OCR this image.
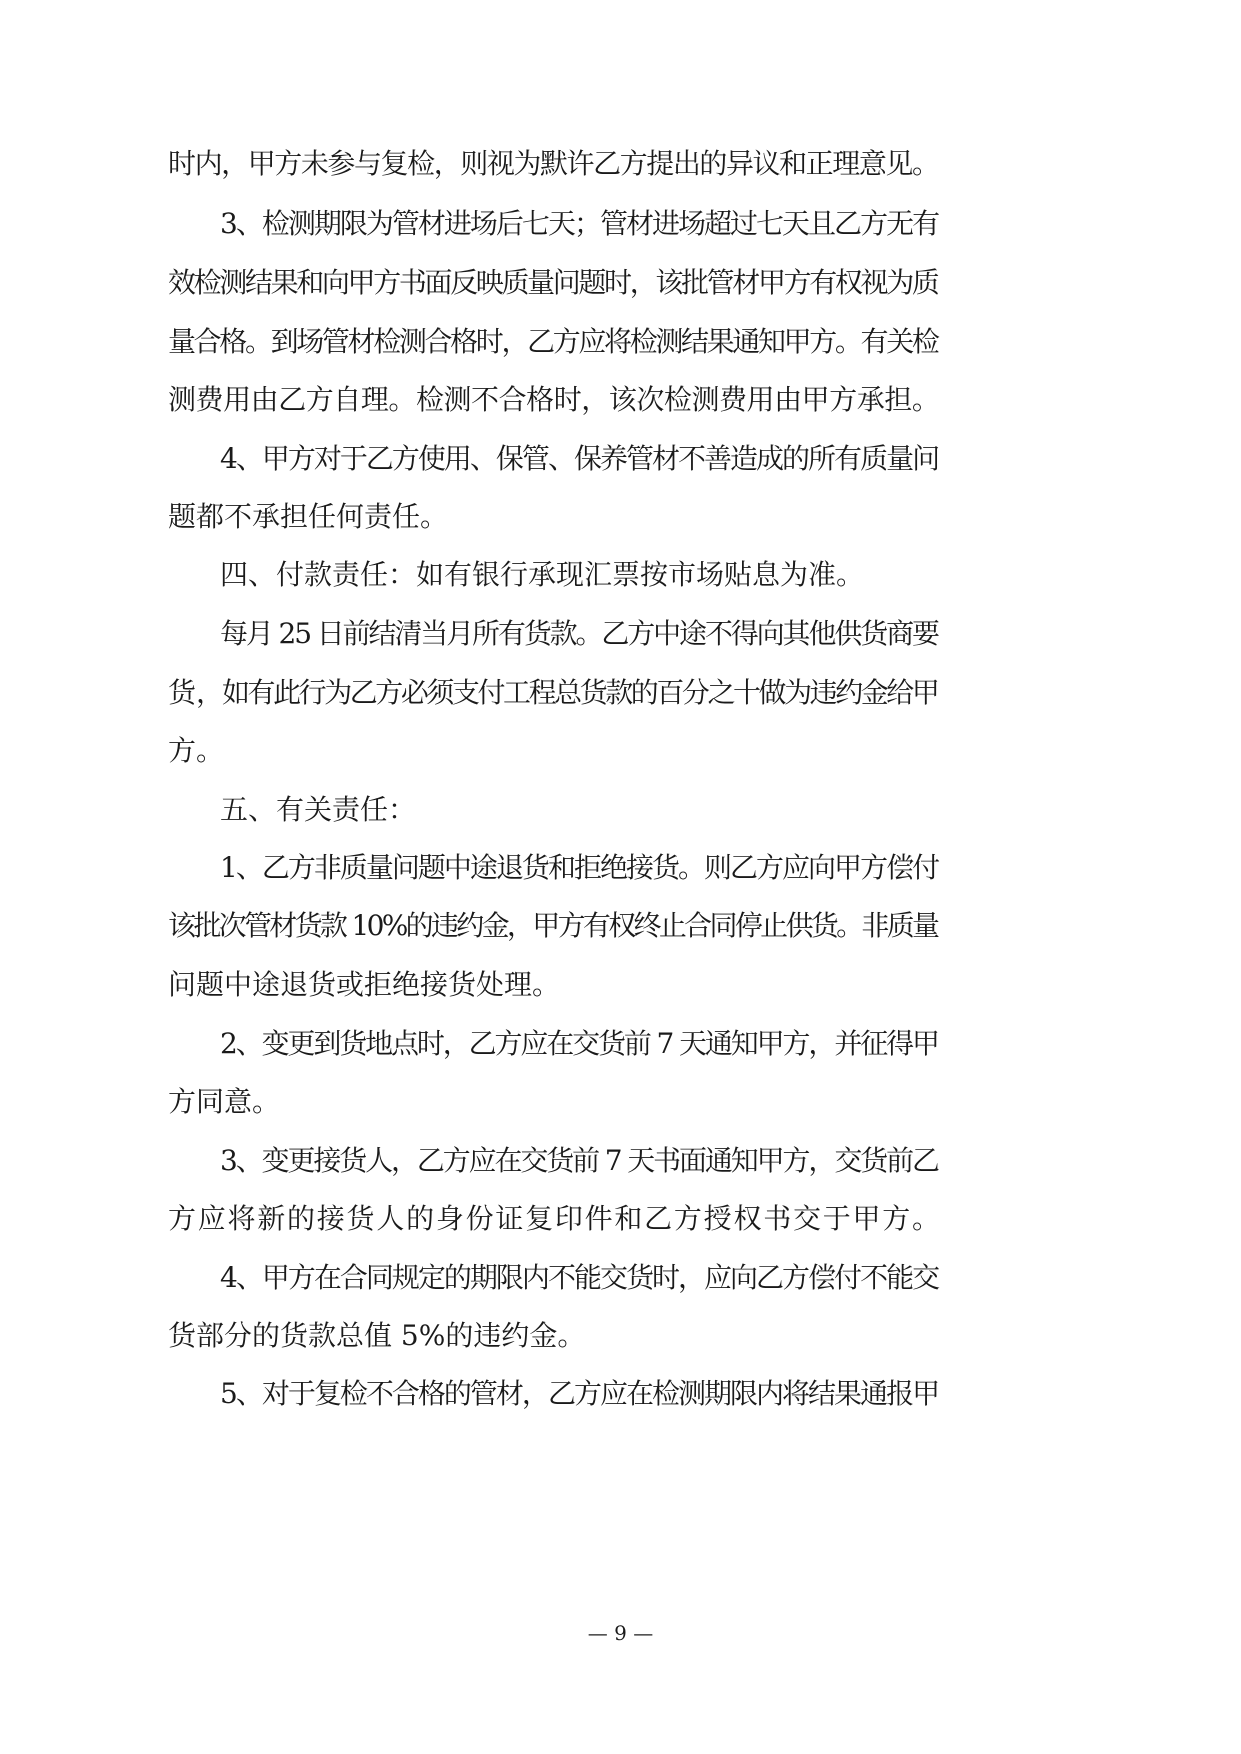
时内，甲方未参与复检，则视为默许乙方提出的异议和正理意见。
3、检测期限为管材进场后七天；管材进场超过七天且乙方无有
效检测结果和向甲方书面反映质量问题时，该批管材甲方有权视为质
量合格。到场管材检测合格时，乙方应将检测结果通知甲方。有关检
测费用由乙方自理。检测不合格时，该次检测费用由甲方承担。
4、甲方对于乙方使用、保管、保养管材不善造成的所有质量问
题都不承担任何责任。
四、付款责任：如有银行承现汇票按市场贴息为准。
每月 25 日前结清当月所有货款。乙方中途不得向其他供货商要
货，
如有此行为乙方必须支付工程总货款的百分之十做为违约金给甲
方。
五、有关责任：
1、乙方非质量问题中途退货和拒绝接货。则乙方应向甲方偿付
该批次管材货款 10%的违约金，甲方有权终止合同停止供货。非质量
问题中途退货或拒绝接货处理。
2、变更到货地点时，乙方应在交货前 7 天通知甲方，并征得甲
方同意。
3、变更接货人，乙方应在交货前 7 天书面通知甲方，交货前乙
方应将新的接货人的身份证复印件和乙方授权书交于甲方。
4、甲方在合同规定的期限内不能交货时，应向乙方偿付不能交
货部分的货款总值 5%的违约金。
5、对于复检不合格的管材，乙方应在检测期限内将结果通报甲
— 9 —
